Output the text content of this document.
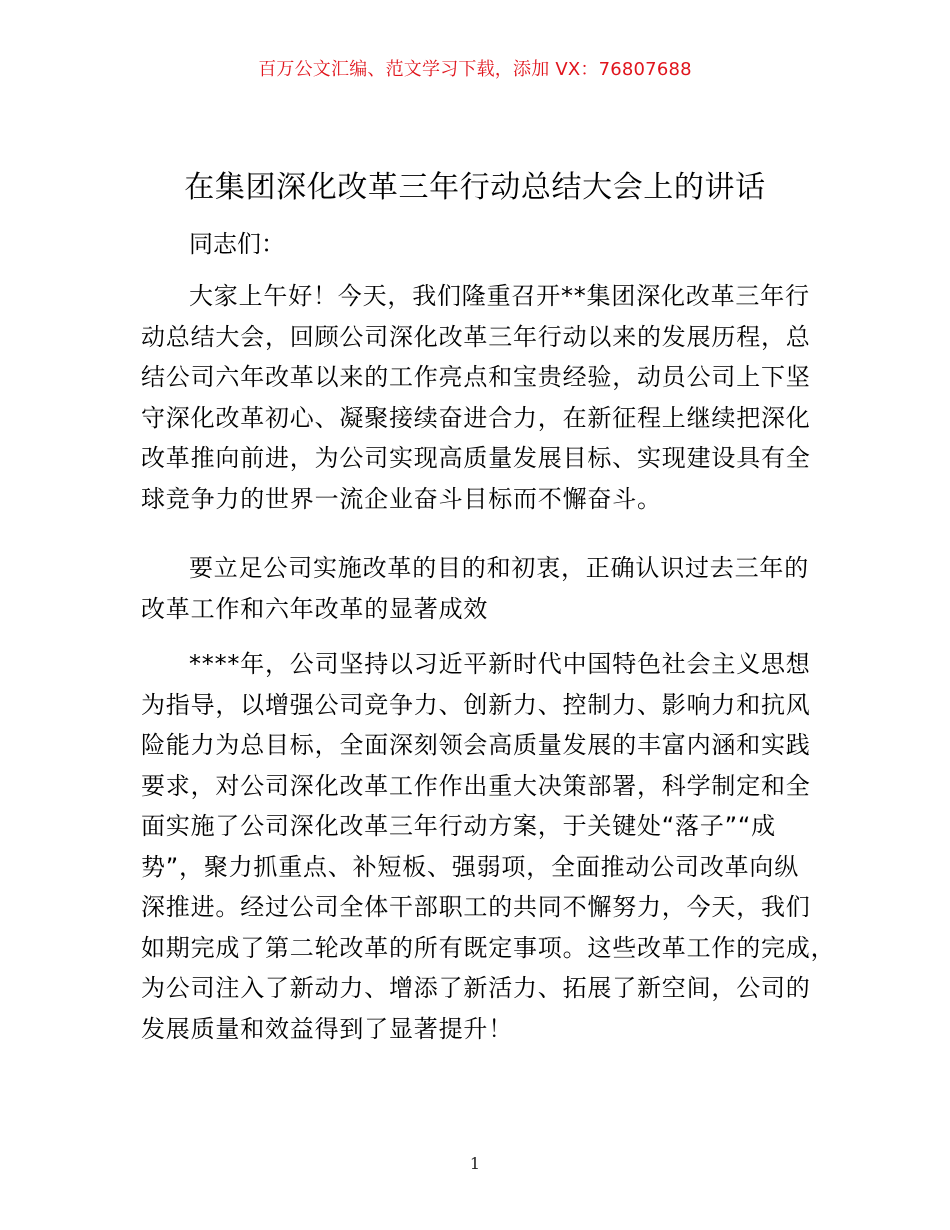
百万公文汇编、范文学习下载，添加 VX：76807688
在集团深化改革三年行动总结大会上的讲话
同志们：
大家上午好！今天，我们隆重召开**集团深化改革三年行
动总结大会，回顾公司深化改革三年行动以来的发展历程，总
结公司六年改革以来的工作亮点和宝贵经验，动员公司上下坚
守深化改革初心、凝聚接续奋进合力，在新征程上继续把深化
改革推向前进，为公司实现高质量发展目标、实现建设具有全
球竞争力的世界一流企业奋斗目标而不懈奋斗。
要立足公司实施改革的目的和初衷，正确认识过去三年的
改革工作和六年改革的显著成效
****年，公司坚持以习近平新时代中国特色社会主义思想
为指导，以增强公司竞争力、创新力、控制力、影响力和抗风
险能力为总目标，全面深刻领会高质量发展的丰富内涵和实践
要求，对公司深化改革工作作出重大决策部署，科学制定和全
面实施了公司深化改革三年行动方案，于关键处“落子”“成
势”，聚力抓重点、补短板、强弱项，全面推动公司改革向纵
深推进。经过公司全体干部职工的共同不懈努力，今天，我们
如期完成了第二轮改革的所有既定事项。这些改革工作的完成，
为公司注入了新动力、增添了新活力、拓展了新空间，公司的
发展质量和效益得到了显著提升！
1
